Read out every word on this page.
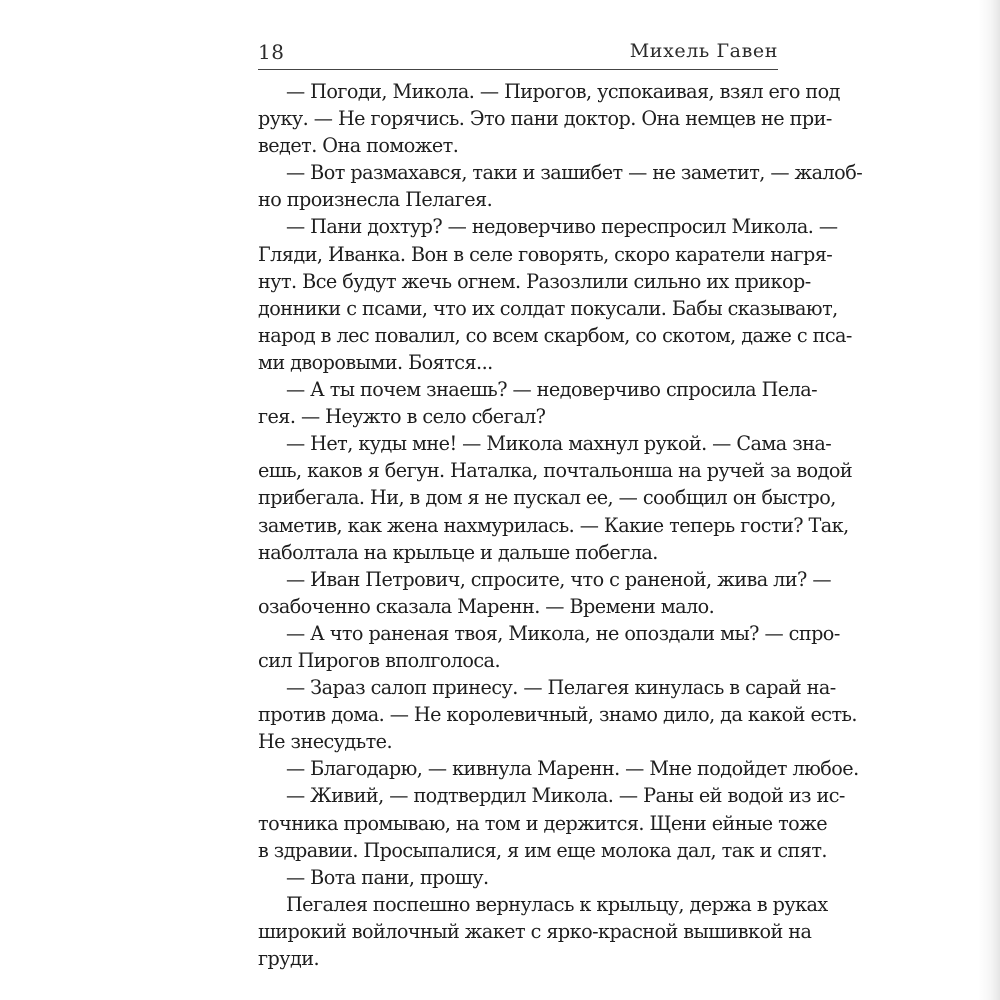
18	Михель Гавен
— Погоди, Микола. — Пирогов, успокаивая, взял его под
руку. — Не горячись. Это пани доктор. Она немцев не при-
ведет. Она поможет.
— Вот размахався, таки и зашибет — не заметит, — жалоб-
но произнесла Пелагея.
— Пани дохтур? — недоверчиво переспросил Микола. —
Гляди, Иванка. Вон в селе говорять, скоро каратели нагря-
нут. Все будут жечь огнем. Разозлили сильно их прикор-
донники с псами, что их солдат покусали. Бабы сказывают,
народ в лес повалил, со всем скарбом, со скотом, даже с пса-
ми дворовыми. Боятся...
— А ты почем знаешь? — недоверчиво спросила Пела-
гея. — Неужто в село сбегал?
— Нет, куды мне! — Микола махнул рукой. — Сама зна-
ешь, каков я бегун. Наталка, почтальонша на ручей за водой
прибегала. Ни, в дом я не пускал ее, — сообщил он быстро,
заметив, как жена нахмурилась. — Какие теперь гости? Так,
наболтала на крыльце и дальше побегла.
— Иван Петрович, спросите, что с раненой, жива ли? —
озабоченно сказала Маренн. — Времени мало.
— А что раненая твоя, Микола, не опоздали мы? — спро-
сил Пирогов вполголоса.
— Зараз салоп принесу. — Пелагея кинулась в сарай на-
против дома. — Не королевичный, знамо дило, да какой есть.
Не знесудьте.
— Благодарю, — кивнула Маренн. — Мне подойдет любое.
— Живий, — подтвердил Микола. — Раны ей водой из ис-
точника промываю, на том и держится. Щени ейные тоже
в здравии. Просыпалися, я им еще молока дал, так и спят.
— Вота пани, прошу.
Пегалея поспешно вернулась к крыльцу, держа в руках
широкий войлочный жакет с ярко-красной вышивкой на
груди.
